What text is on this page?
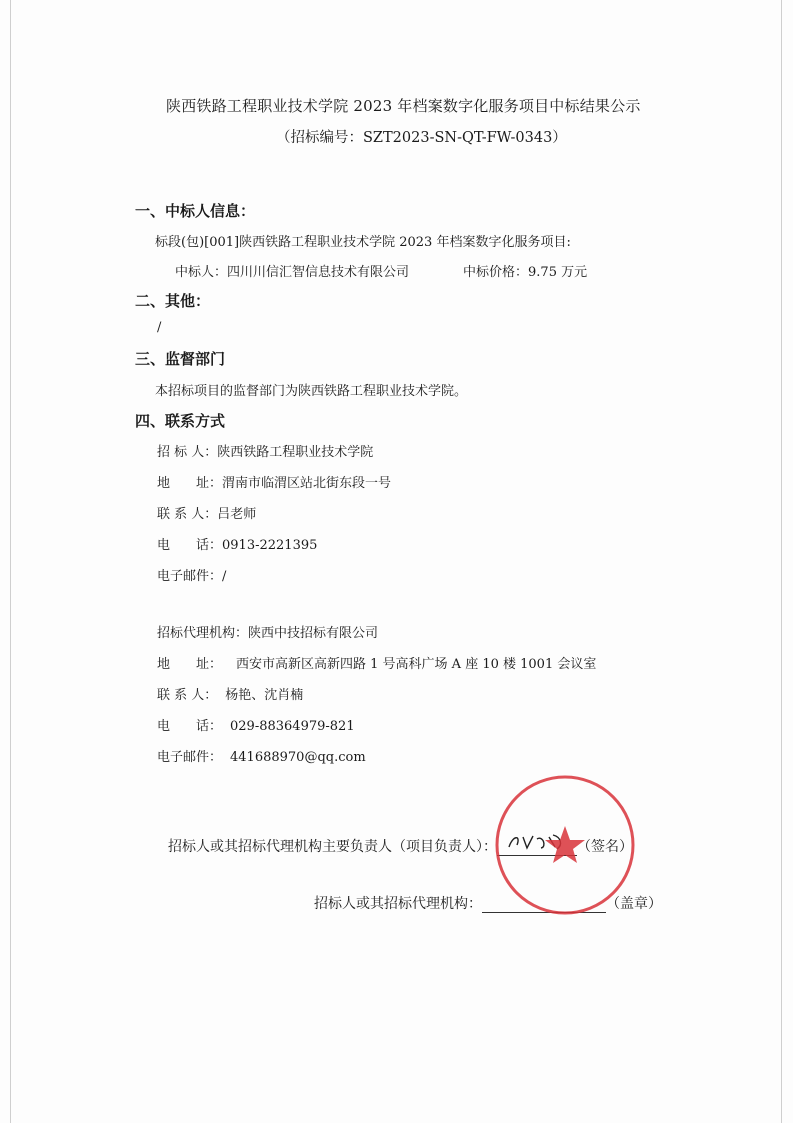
陕西铁路工程职业技术学院 2023 年档案数字化服务项目中标结果公示
（招标编号：SZT2023-SN-QT-FW-0343）
一、中标人信息：
标段(包)[001]陕西铁路工程职业技术学院 2023 年档案数字化服务项目:
中标人：四川川信汇智信息技术有限公司	中标价格：9.75 万元
二、其他：
/
三、监督部门
本招标项目的监督部门为陕西铁路工程职业技术学院。
四、联系方式
招 标 人：陕西铁路工程职业技术学院
地　　址：渭南市临渭区站北街东段一号
联 系 人：吕老师
电　　话：0913-2221395
电子邮件：/
招标代理机构：陕西中技招标有限公司
地　　址： 西安市高新区高新四路 1 号高科广场 A 座 10 楼 1001 会议室
联 系 人： 杨艳、沈肖楠
电　　话： 029-88364979-821
电子邮件： 441688970@qq.com
招标人或其招标代理机构主要负责人（项目负责人）：	（签名）
招标人或其招标代理机构：	（盖章）
